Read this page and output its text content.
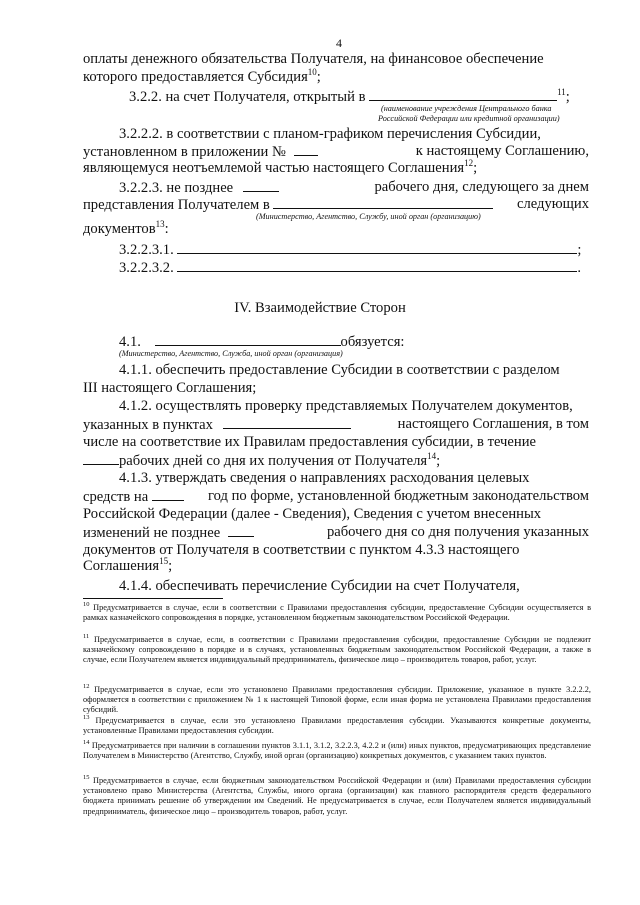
4
оплаты денежного обязательства Получателя, на финансовое обеспечение
которого предоставляется Субсидия$^{10}$;
3.2.2. на счет Получателя, открытый в	$^{11}$;
(наименование учреждения Центрального банка
Российской Федерации или кредитной организации)
3.2.2.2. в соответствии с планом-графиком перечисления Субсидии,
установленном в приложении №	к настоящему Соглашению,
являющемуся неотъемлемой частью настоящего Соглашения$^{12}$;
3.2.2.3. не позднее	рабочего дня, следующего за днем
представления Получателем в	следующих
(Министерство, Агентство, Службу, иной орган (организацию)
документов$^{13}$:
3.2.2.3.1.	;
3.2.2.3.2.	.
IV. Взаимодействие Сторон
4.1.	обязуется:
(Министерство, Агентство, Служба, иной орган (организация)
4.1.1. обеспечить предоставление Субсидии в соответствии с разделом
III настоящего Соглашения;
4.1.2. осуществлять проверку представляемых Получателем документов,
указанных в пунктах	настоящего Соглашения, в том
числе на соответствие их Правилам предоставления субсидии, в течение
рабочих дней со дня их получения от Получателя$^{14}$;
4.1.3. утверждать сведения о направлениях расходования целевых
средств на	год по форме, установленной бюджетным законодательством
Российской Федерации (далее - Сведения), Сведения с учетом внесенных
изменений не позднее	рабочего дня со дня получения указанных
документов от Получателя в соответствии с пунктом 4.3.3 настоящего
Соглашения$^{15}$;
4.1.4. обеспечивать перечисление Субсидии на счет Получателя,
$^{10}$ Предусматривается в случае, если в соответствии с Правилами предоставления субсидии, предоставление Субсидии осуществляется в рамках казначейского сопровождения в порядке, установленном бюджетным законодательством Российской Федерации.
$^{11}$ Предусматривается в случае, если, в соответствии с Правилами предоставления субсидии, предоставление Субсидии не подлежит казначейскому сопровождению в порядке и в случаях, установленных бюджетным законодательством Российской Федерации, а также в случае, если Получателем является индивидуальный предприниматель, физическое лицо – производитель товаров, работ, услуг.
$^{12}$ Предусматривается в случае, если это установлено Правилами предоставления субсидии. Приложение, указанное в пункте 3.2.2.2, оформляется в соответствии с приложением № 1 к настоящей Типовой форме, если иная форма не установлена Правилами предоставления субсидий.
$^{13}$ Предусматривается в случае, если это установлено Правилами предоставления субсидии. Указываются конкретные документы, установленные Правилами предоставления субсидии.
$^{14}$ Предусматривается при наличии в соглашении пунктов 3.1.1, 3.1.2, 3.2.2.3, 4.2.2 и (или) иных пунктов, предусматривающих представление Получателем в Министерство (Агентство, Службу, иной орган (организацию) конкретных документов, с указанием таких пунктов.
$^{15}$ Предусматривается в случае, если бюджетным законодательством Российской Федерации и (или) Правилами предоставления субсидии установлено право Министерства (Агентства, Службы, иного органа (организации) как главного распорядителя средств федерального бюджета принимать решение об утверждении им Сведений. Не предусматривается в случае, если Получателем является индивидуальный предприниматель, физическое лицо – производитель товаров, работ, услуг.
